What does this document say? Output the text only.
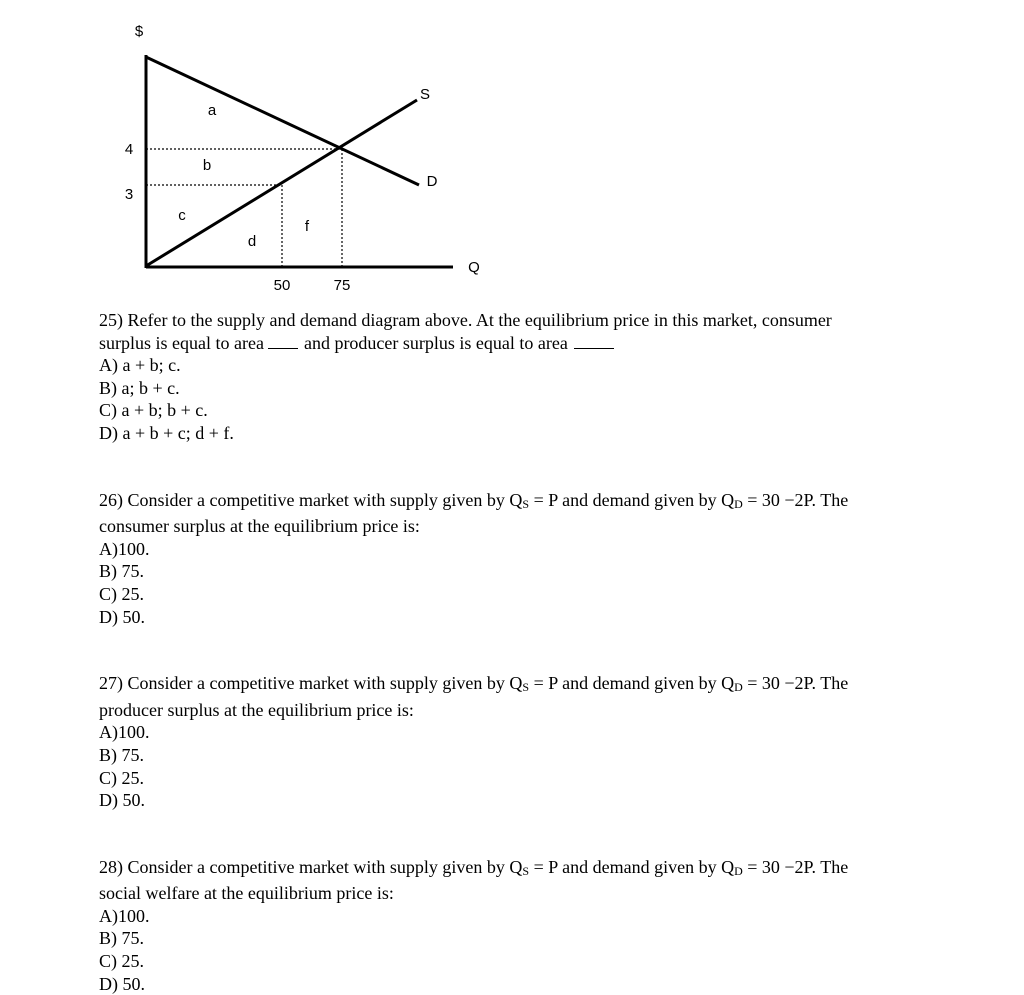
$
Q
S
D
4
3
50	75
a
b
c
d
f
25) Refer to the supply and demand diagram above. At the equilibrium price in this market, consumer
surplus is equal to area and producer surplus is equal to area
A) a + b; c.
B) a; b + c.
C) a + b; b + c.
D) a + b + c; d + f.
26) Consider a competitive market with supply given by QS = P and demand given by QD = 30 −2P. The
consumer surplus at the equilibrium price is:
A)100.
B) 75.
C) 25.
D) 50.
27) Consider a competitive market with supply given by QS = P and demand given by QD = 30 −2P. The
producer surplus at the equilibrium price is:
A)100.
B) 75.
C) 25.
D) 50.
28) Consider a competitive market with supply given by QS = P and demand given by QD = 30 −2P. The
social welfare at the equilibrium price is:
A)100.
B) 75.
C) 25.
D) 50.
